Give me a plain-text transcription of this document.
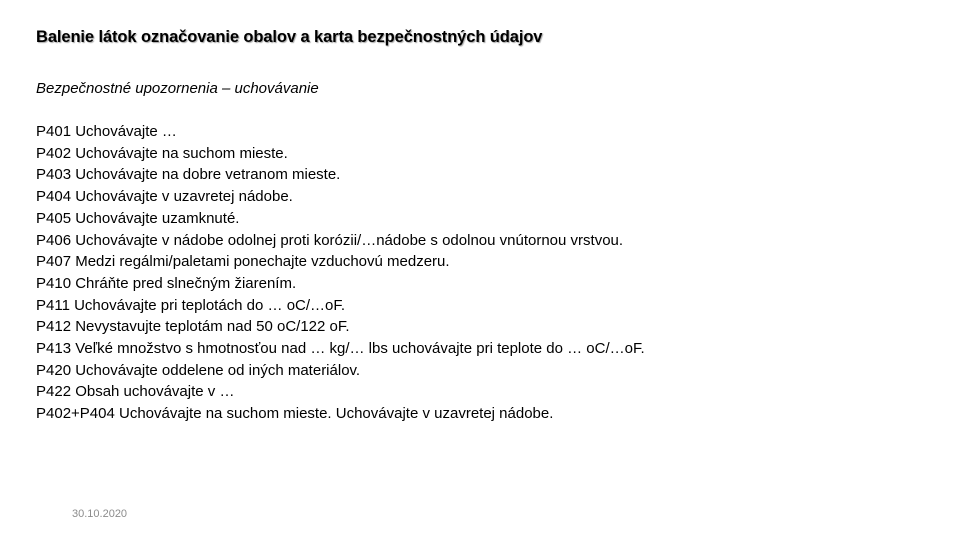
Balenie látok označovanie obalov a karta bezpečnostných údajov
Bezpečnostné upozornenia – uchovávanie
P401 Uchovávajte …
P402 Uchovávajte na suchom mieste.
P403 Uchovávajte na dobre vetranom mieste.
P404 Uchovávajte v uzavretej nádobe.
P405 Uchovávajte uzamknuté.
P406 Uchovávajte v nádobe odolnej proti korózii/…nádobe s odolnou vnútornou vrstvou.
P407 Medzi regálmi/paletami ponechajte vzduchovú medzeru.
P410 Chráňte pred slnečným žiarením.
P411 Uchovávajte pri teplotách do … oC/…oF.
P412 Nevystavujte teplotám nad 50 oC/122 oF.
P413 Veľké množstvo s hmotnosťou nad … kg/… lbs uchovávajte pri teplote do … oC/…oF.
P420 Uchovávajte oddelene od iných materiálov.
P422 Obsah uchovávajte v …
P402+P404 Uchovávajte na suchom mieste. Uchovávajte v uzavretej nádobe.
30.10.2020
